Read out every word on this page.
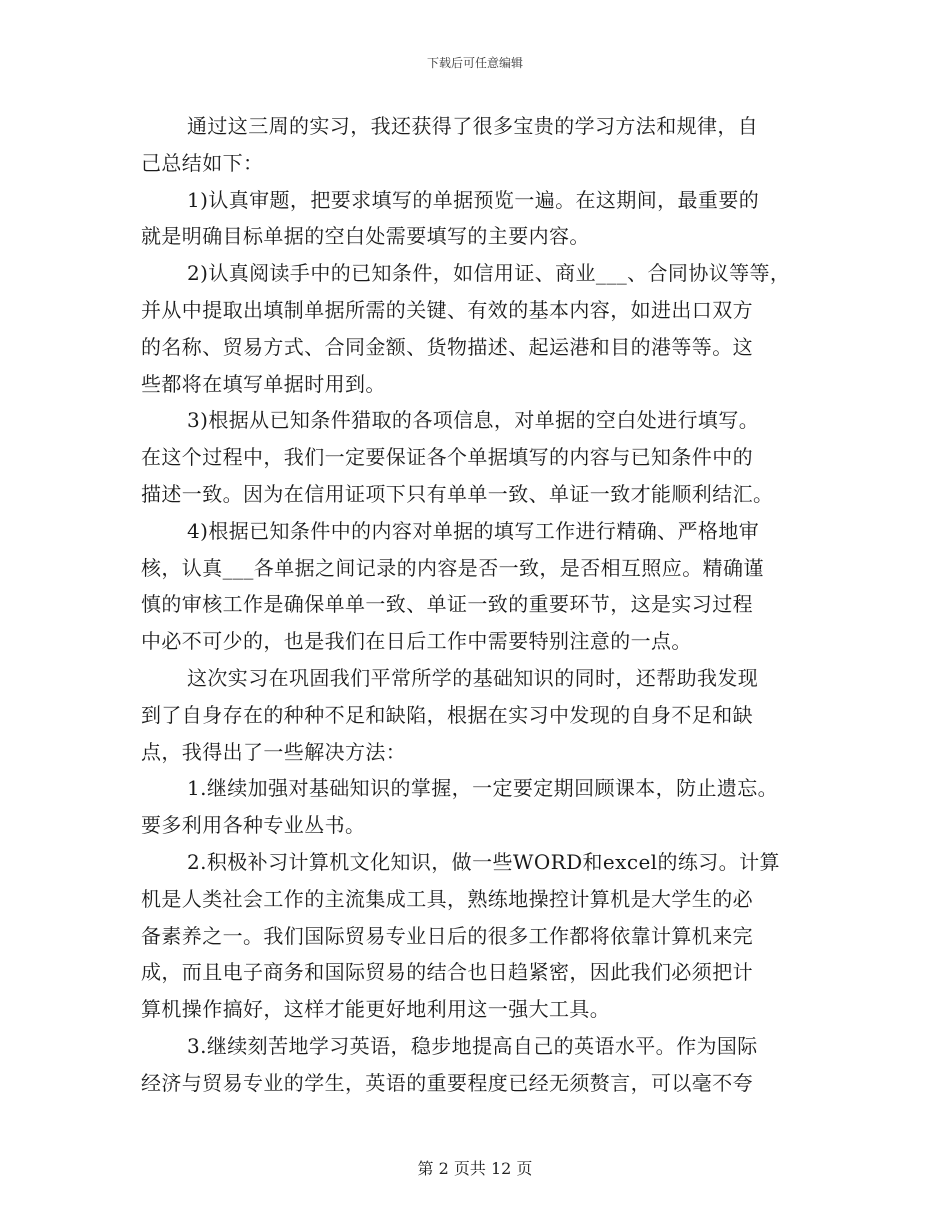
下载后可任意编辑

通过这三周的实习，我还获得了很多宝贵的学习方法和规律，自

己总结如下：

1)认真审题，把要求填写的单据预览一遍。在这期间，最重要的

就是明确目标单据的空白处需要填写的主要内容。

2)认真阅读手中的已知条件，如信用证、商业___、合同协议等等，

并从中提取出填制单据所需的关键、有效的基本内容，如进出口双方

的名称、贸易方式、合同金额、货物描述、起运港和目的港等等。这

些都将在填写单据时用到。

3)根据从已知条件猎取的各项信息，对单据的空白处进行填写。

在这个过程中，我们一定要保证各个单据填写的内容与已知条件中的

描述一致。因为在信用证项下只有单单一致、单证一致才能顺利结汇。

4)根据已知条件中的内容对单据的填写工作进行精确、严格地审

核，认真___各单据之间记录的内容是否一致，是否相互照应。精确谨

慎的审核工作是确保单单一致、单证一致的重要环节，这是实习过程

中必不可少的，也是我们在日后工作中需要特别注意的一点。

这次实习在巩固我们平常所学的基础知识的同时，还帮助我发现

到了自身存在的种种不足和缺陷，根据在实习中发现的自身不足和缺

点，我得出了一些解决方法：

1.继续加强对基础知识的掌握，一定要定期回顾课本，防止遗忘。

要多利用各种专业丛书。

2.积极补习计算机文化知识，做一些WORD和excel的练习。计算

机是人类社会工作的主流集成工具，熟练地操控计算机是大学生的必

备素养之一。我们国际贸易专业日后的很多工作都将依靠计算机来完

成，而且电子商务和国际贸易的结合也日趋紧密，因此我们必须把计

算机操作搞好，这样才能更好地利用这一强大工具。

3.继续刻苦地学习英语，稳步地提高自己的英语水平。作为国际

经济与贸易专业的学生，英语的重要程度已经无须赘言，可以毫不夸

第 2 页共 12 页
